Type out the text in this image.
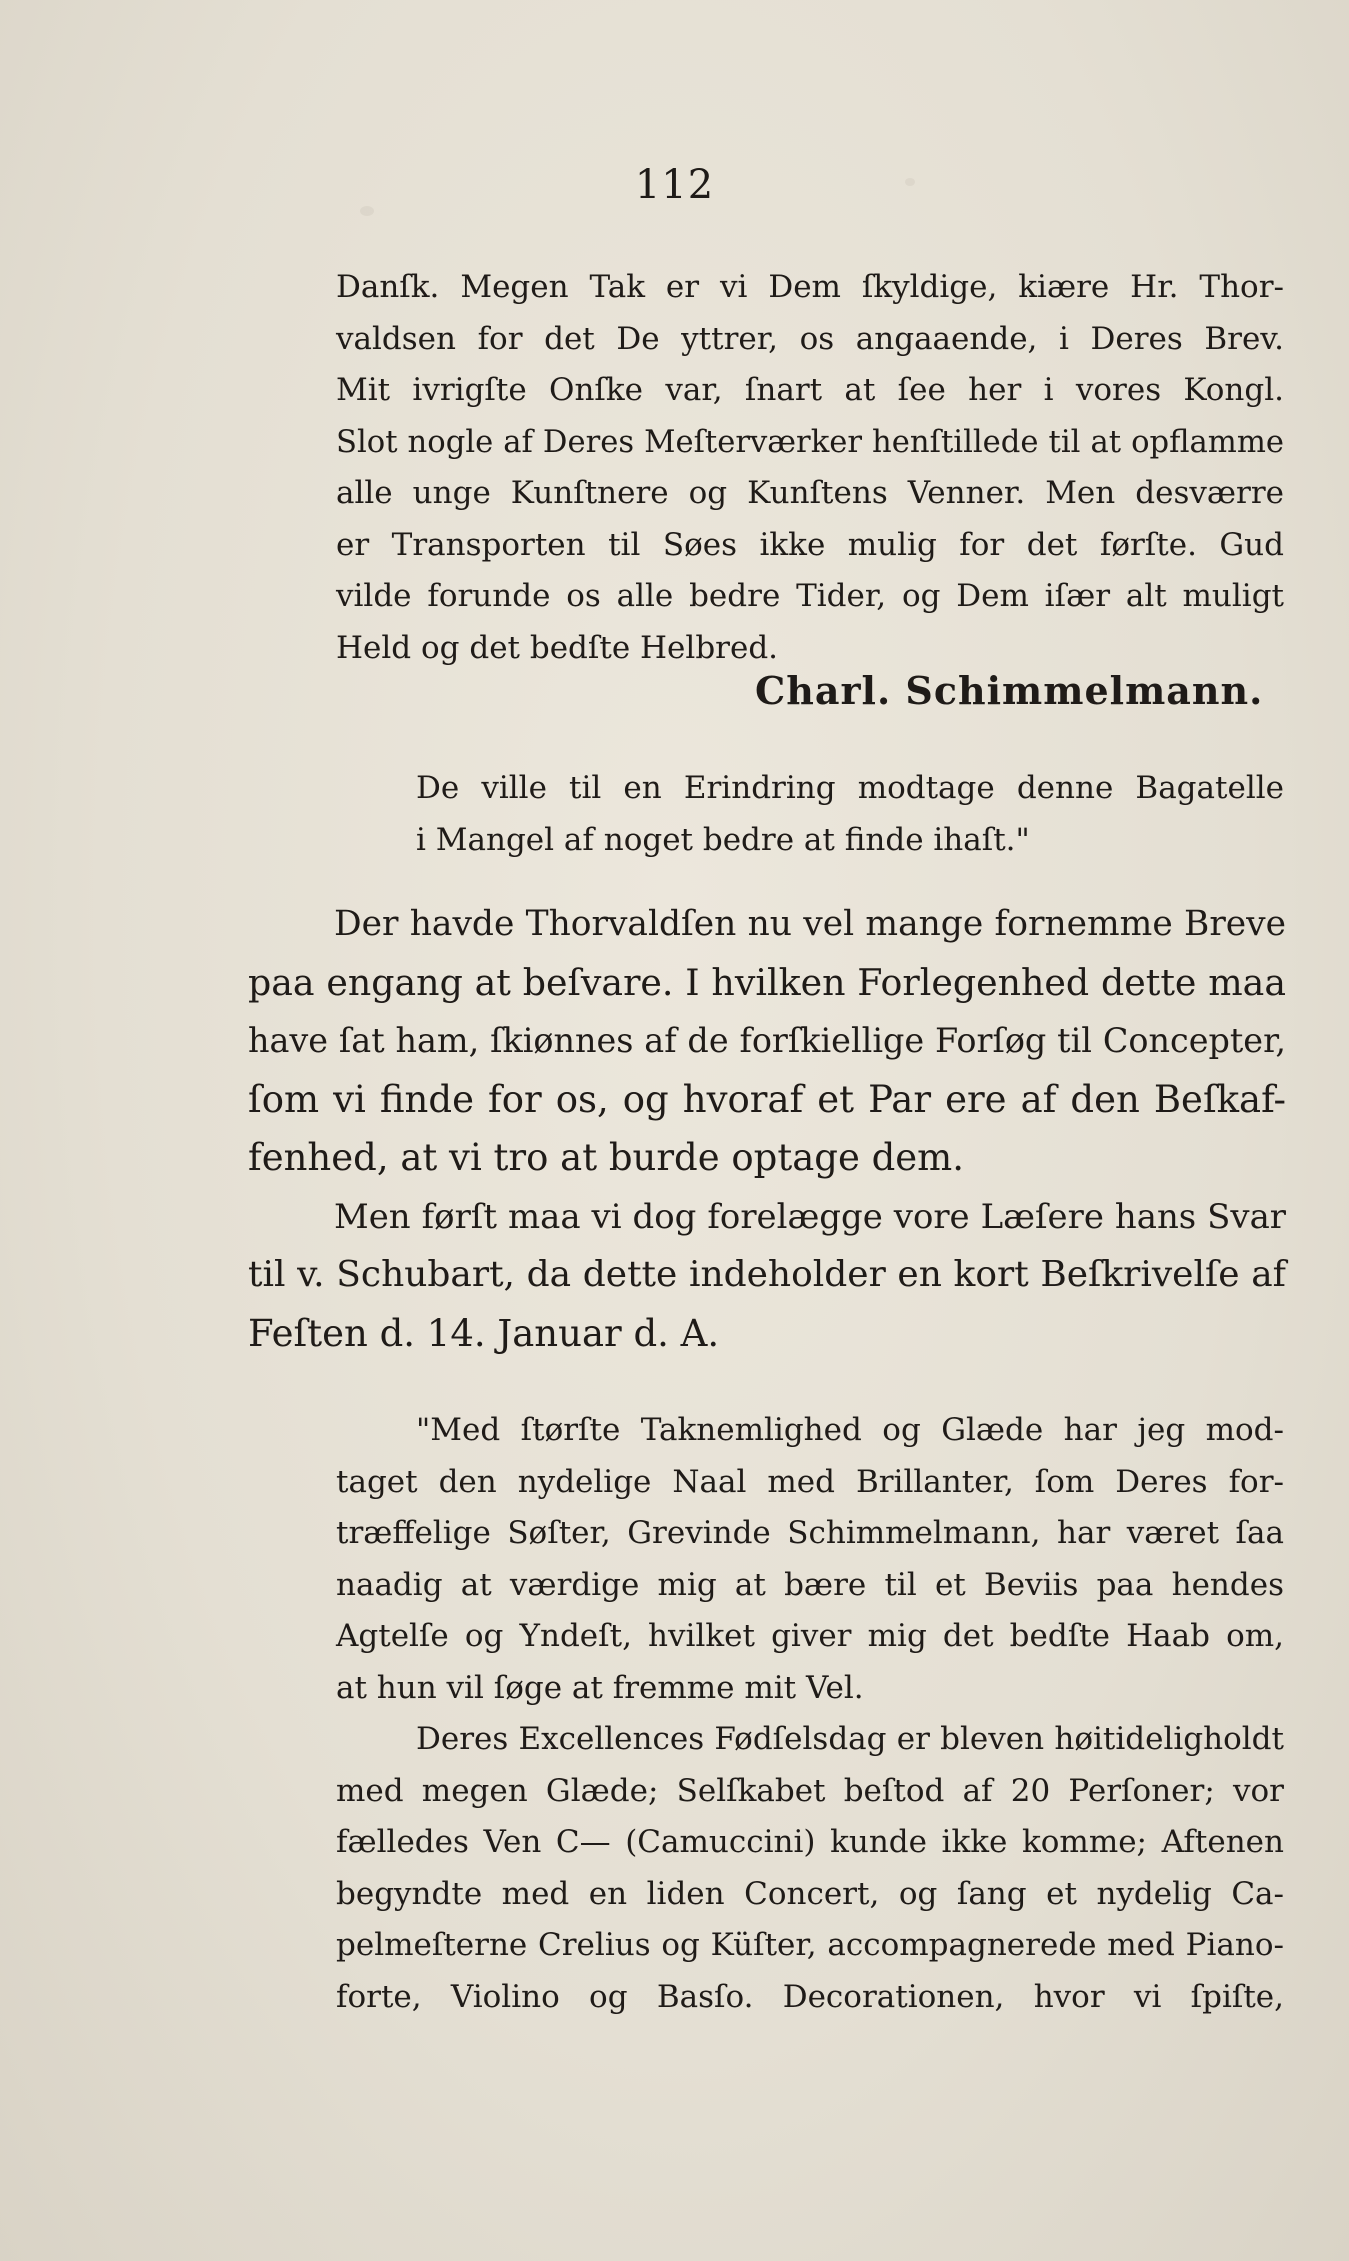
112
Danſk. Megen Tak er vi Dem ſkyldige, kiære Hr. Thor-
valdsen for det De yttrer, os angaaende, i Deres Brev.
Mit ivrigſte Onſke var, ſnart at ſee her i vores Kongl.
Slot nogle af Deres Meſterværker henſtillede til at opflamme
alle unge Kunſtnere og Kunſtens Venner. Men desværre
er Transporten til Søes ikke mulig for det førſte. Gud
vilde forunde os alle bedre Tider, og Dem iſær alt muligt
Held og det bedſte Helbred.
Charl. Schimmelmann.
De ville til en Erindring modtage denne Bagatelle
i Mangel af noget bedre at finde ihaſt."
Der havde Thorvaldſen nu vel mange fornemme Breve
paa engang at beſvare. I hvilken Forlegenhed dette maa
have ſat ham, ſkiønnes af de forſkiellige Forſøg til Concepter,
ſom vi finde for os, og hvoraf et Par ere af den Beſkaf-
fenhed, at vi tro at burde optage dem.
Men førſt maa vi dog forelægge vore Læſere hans Svar
til v. Schubart, da dette indeholder en kort Beſkrivelſe af
Feſten d. 14. Januar d. A.
"Med ſtørſte Taknemlighed og Glæde har jeg mod-
taget den nydelige Naal med Brillanter, ſom Deres for-
træffelige Søſter, Grevinde Schimmelmann, har været ſaa
naadig at værdige mig at bære til et Beviis paa hendes
Agtelſe og Yndeſt, hvilket giver mig det bedſte Haab om,
at hun vil ſøge at fremme mit Vel.
Deres Excellences Fødſelsdag er bleven høitideligholdt
med megen Glæde; Selſkabet beſtod af 20 Perſoner; vor
fælledes Ven C— (Camuccini) kunde ikke komme; Aftenen
begyndte med en liden Concert, og ſang et nydelig Ca-
pelmeſterne Crelius og Küſter, accompagnerede med Piano-
forte, Violino og Basſo. Decorationen, hvor vi ſpiſte,
